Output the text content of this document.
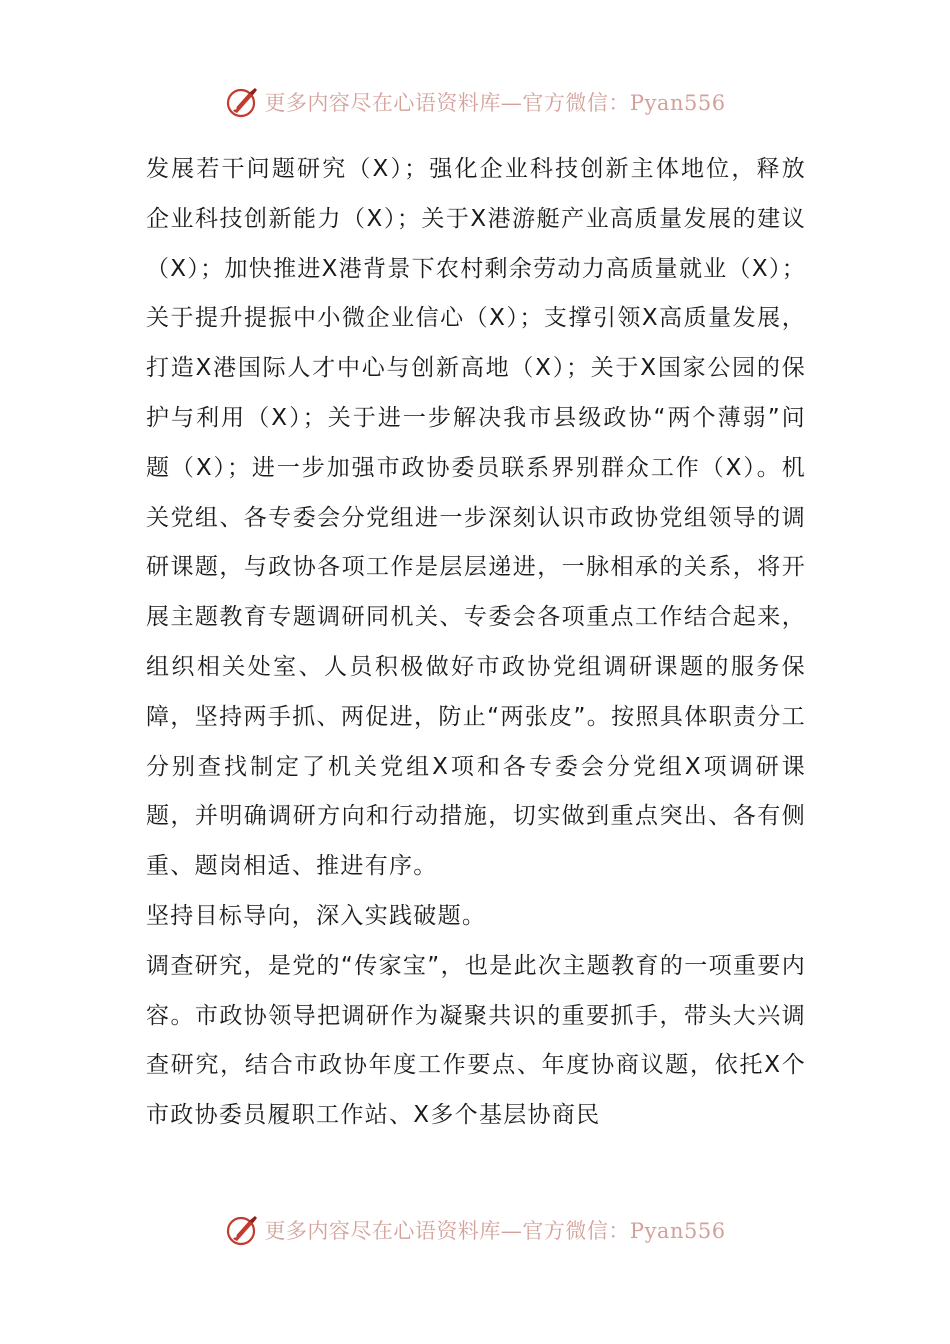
更多内容尽在心语资料库—官方微信：Pyan556

发展若干问题研究（X）；强化企业科技创新主体地位，释放企业科技创新能力（X）；关于X港游艇产业高质量发展的建议（X）；加快推进X港背景下农村剩余劳动力高质量就业（X）；关于提升提振中小微企业信心（X）；支撑引领X高质量发展，打造X港国际人才中心与创新高地（X）；关于X国家公园的保护与利用（X）；关于进一步解决我市县级政协“两个薄弱”问题（X）；进一步加强市政协委员联系界别群众工作（X）。机关党组、各专委会分党组进一步深刻认识市政协党组领导的调研课题，与政协各项工作是层层递进，一脉相承的关系，将开展主题教育专题调研同机关、专委会各项重点工作结合起来，组织相关处室、人员积极做好市政协党组调研课题的服务保障，坚持两手抓、两促进，防止“两张皮”。按照具体职责分工分别查找制定了机关党组X项和各专委会分党组X项调研课题，并明确调研方向和行动措施，切实做到重点突出、各有侧重、题岗相适、推进有序。

坚持目标导向，深入实践破题。

调查研究，是党的“传家宝”，也是此次主题教育的一项重要内容。市政协领导把调研作为凝聚共识的重要抓手，带头大兴调查研究，结合市政协年度工作要点、年度协商议题，依托X个市政协委员履职工作站、X多个基层协商民

更多内容尽在心语资料库—官方微信：Pyan556
